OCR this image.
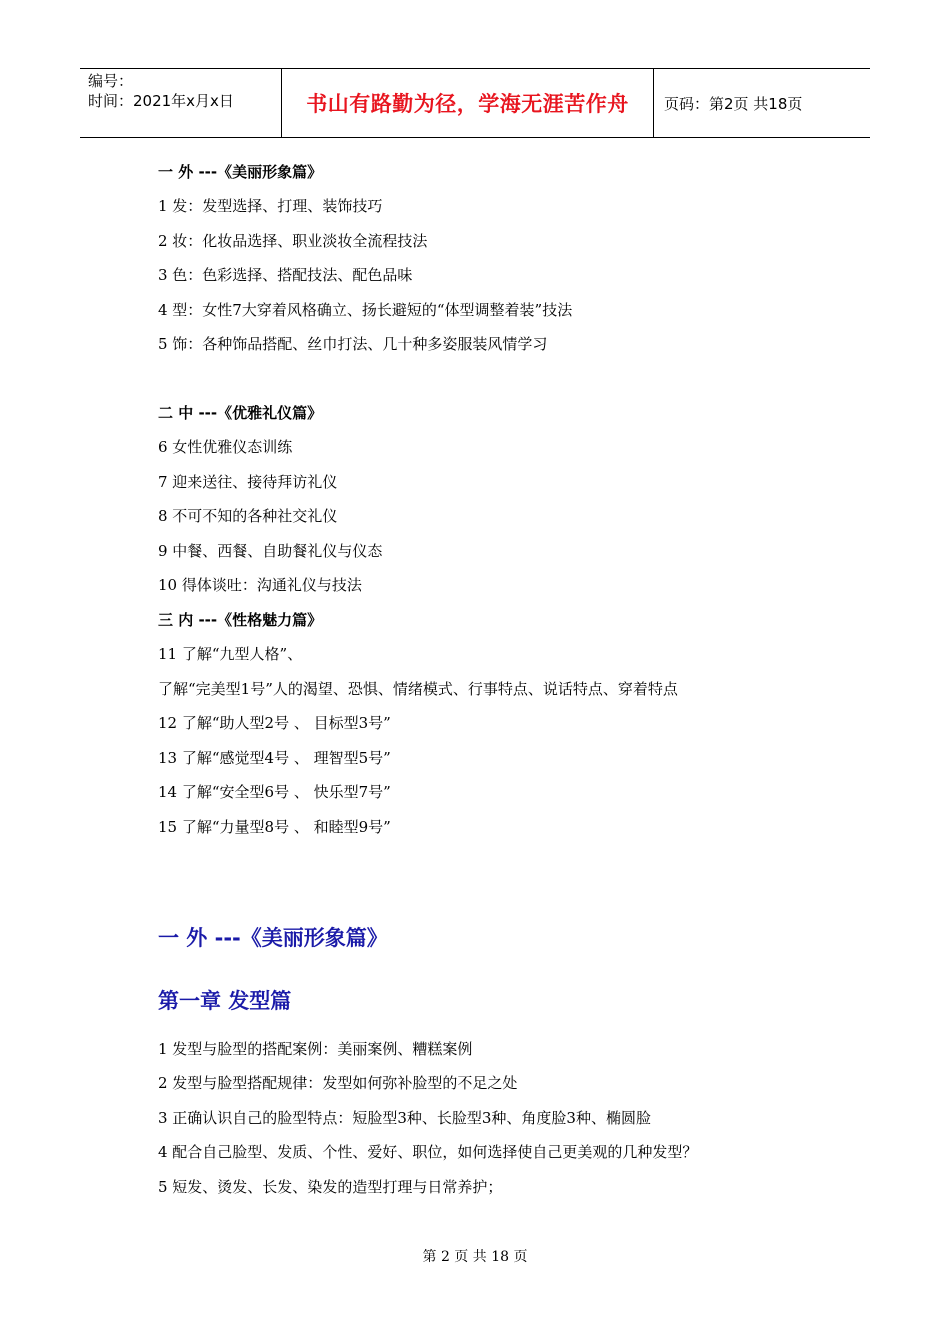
编号：
时间：2021年x月x日	书山有路勤为径，学海无涯苦作舟	页码：第2页 共18页
一 外 ---《美丽形象篇》
1 发：发型选择、打理、装饰技巧
2 妆：化妆品选择、职业淡妆全流程技法
3 色：色彩选择、搭配技法、配色品味
4 型：女性7大穿着风格确立、扬长避短的“体型调整着装”技法
5 饰：各种饰品搭配、丝巾打法、几十种多姿服装风情学习
二 中 ---《优雅礼仪篇》
6 女性优雅仪态训练
7 迎来送往、接待拜访礼仪
8 不可不知的各种社交礼仪
9 中餐、西餐、自助餐礼仪与仪态
10 得体谈吐：沟通礼仪与技法
三 内 ---《性格魅力篇》
11 了解“九型人格”、
了解“完美型1号”人的渴望、恐惧、情绪模式、行事特点、说话特点、穿着特点
12 了解“助人型2号 、 目标型3号”
13 了解“感觉型4号 、 理智型5号”
14 了解“安全型6号 、 快乐型7号”
15 了解“力量型8号 、 和睦型9号”
一 外 ---《美丽形象篇》
第一章 发型篇
1 发型与脸型的搭配案例：美丽案例、糟糕案例
2 发型与脸型搭配规律：发型如何弥补脸型的不足之处
3 正确认识自己的脸型特点：短脸型3种、长脸型3种、角度脸3种、椭圆脸
4 配合自己脸型、发质、个性、爱好、职位，如何选择使自己更美观的几种发型？
5 短发、烫发、长发、染发的造型打理与日常养护；
第 2 页 共 18 页
